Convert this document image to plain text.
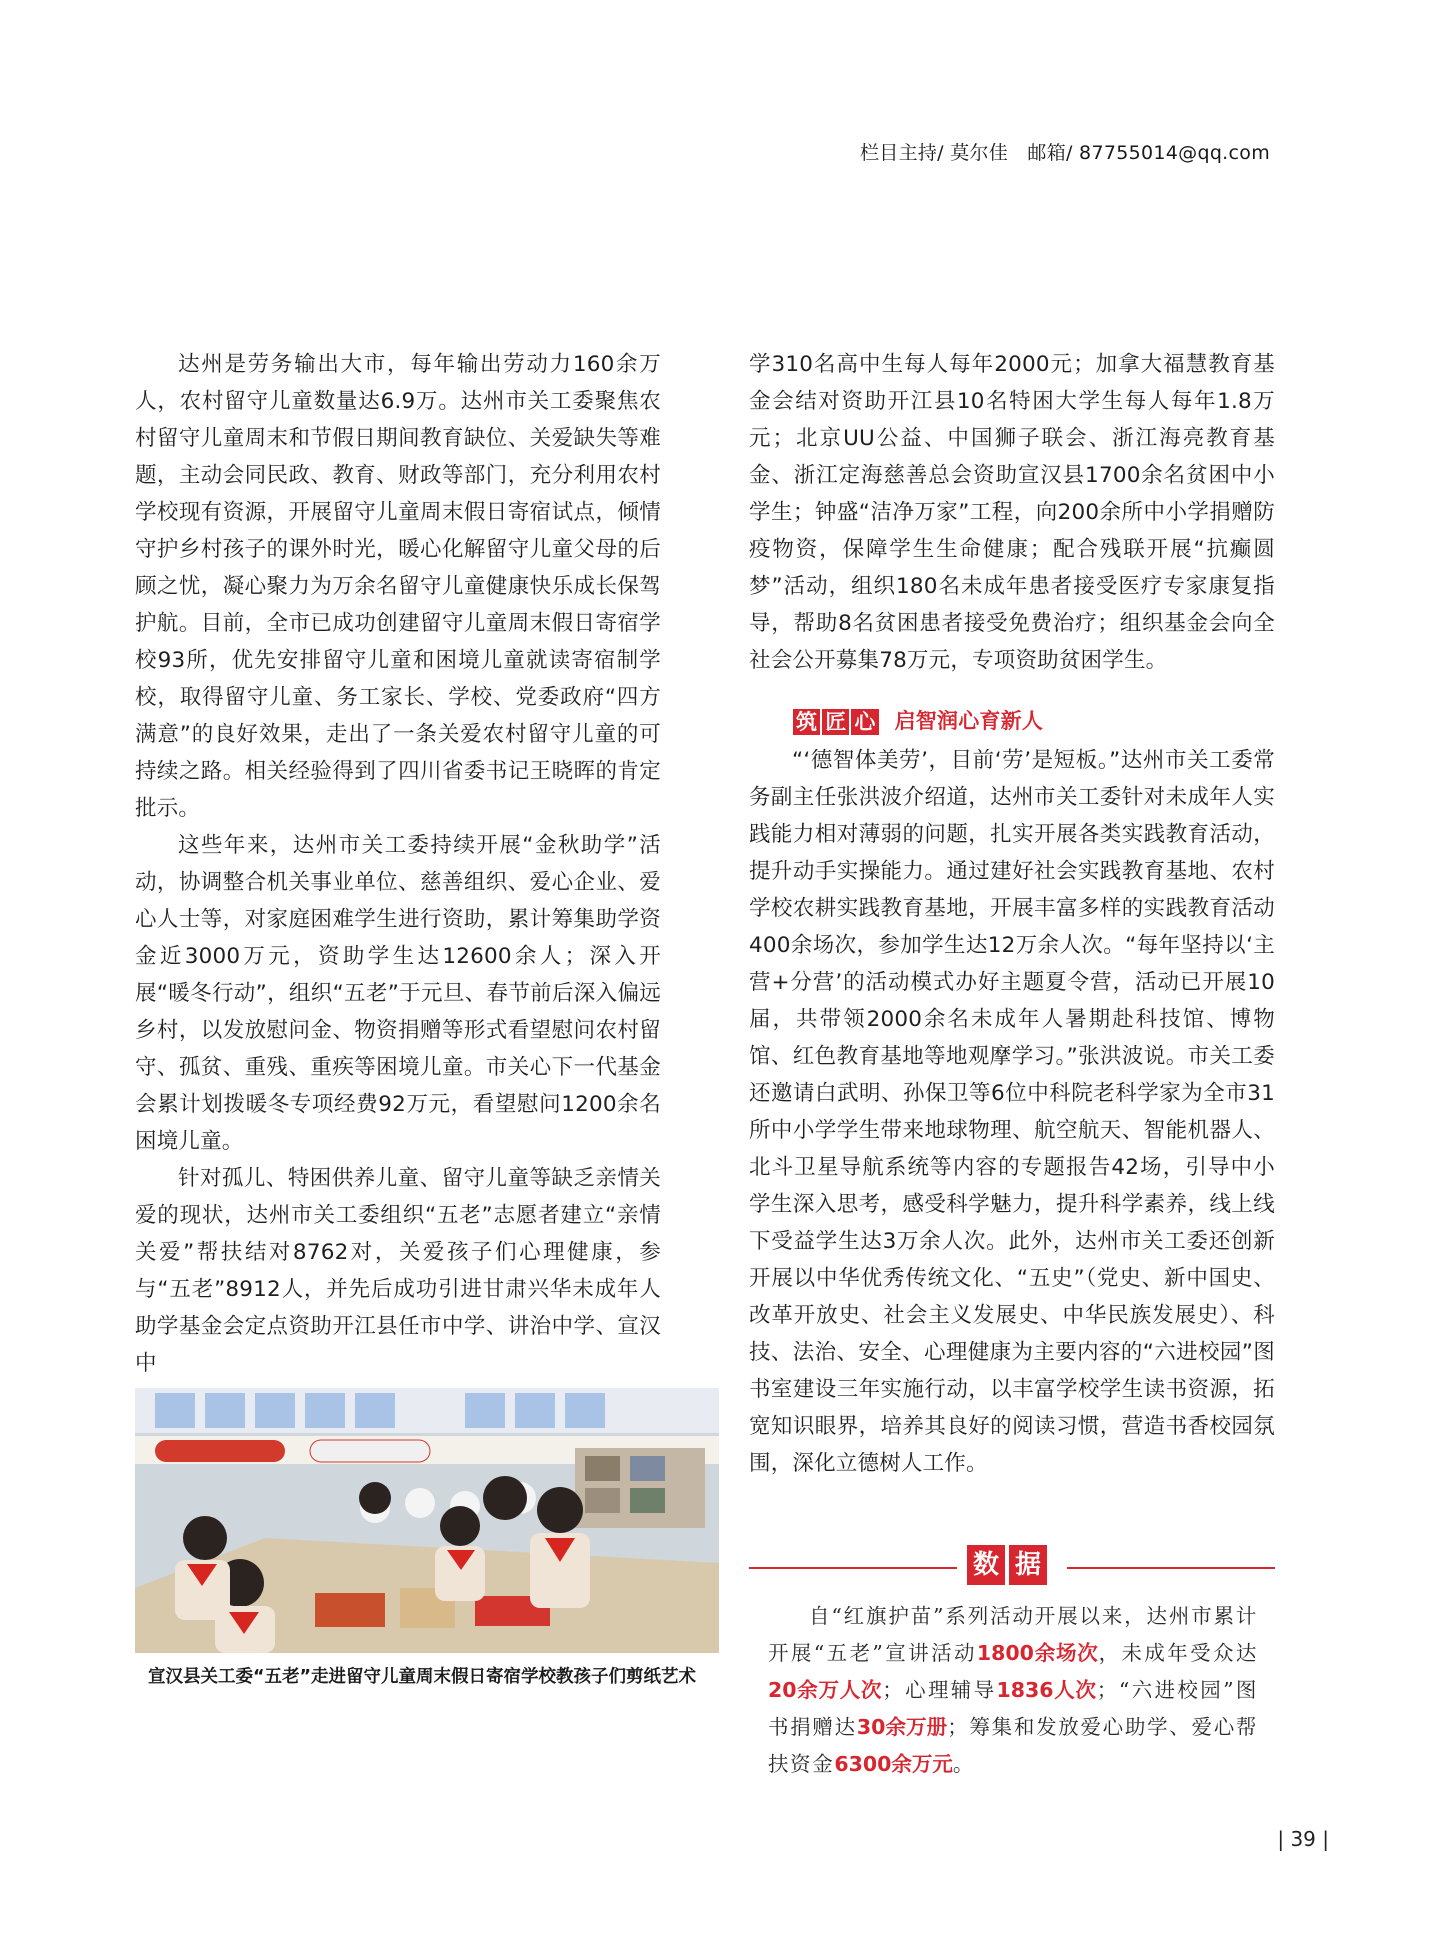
栏目主持/ 莫尔佳　邮箱/ 87755014@qq.com

达州是劳务输出大市，每年输出劳动力160余万人，农村留守儿童数量达6.9万。达州市关工委聚焦农村留守儿童周末和节假日期间教育缺位、关爱缺失等难题，主动会同民政、教育、财政等部门，充分利用农村学校现有资源，开展留守儿童周末假日寄宿试点，倾情守护乡村孩子的课外时光，暖心化解留守儿童父母的后顾之忧，凝心聚力为万余名留守儿童健康快乐成长保驾护航。目前，全市已成功创建留守儿童周末假日寄宿学校93所，优先安排留守儿童和困境儿童就读寄宿制学校，取得留守儿童、务工家长、学校、党委政府“四方满意”的良好效果，走出了一条关爱农村留守儿童的可持续之路。相关经验得到了四川省委书记王晓晖的肯定批示。

这些年来，达州市关工委持续开展“金秋助学”活动，协调整合机关事业单位、慈善组织、爱心企业、爱心人士等，对家庭困难学生进行资助，累计筹集助学资金近3000万元，资助学生达12600余人；深入开展“暖冬行动”，组织“五老”于元旦、春节前后深入偏远乡村，以发放慰问金、物资捐赠等形式看望慰问农村留守、孤贫、重残、重疾等困境儿童。市关心下一代基金会累计划拨暖冬专项经费92万元，看望慰问1200余名困境儿童。

针对孤儿、特困供养儿童、留守儿童等缺乏亲情关爱的现状，达州市关工委组织“五老”志愿者建立“亲情关爱”帮扶结对8762对，关爱孩子们心理健康，参与“五老”8912人，并先后成功引进甘肃兴华未成年人助学基金会定点资助开江县任市中学、讲治中学、宣汉中

宣汉县关工委“五老”走进留守儿童周末假日寄宿学校教孩子们剪纸艺术

学310名高中生每人每年2000元；加拿大福慧教育基金会结对资助开江县10名特困大学生每人每年1.8万元；北京UU公益、中国狮子联会、浙江海亮教育基金、浙江定海慈善总会资助宣汉县1700余名贫困中小学生；钟盛“洁净万家”工程，向200余所中小学捐赠防疫物资，保障学生生命健康；配合残联开展“抗癫圆梦”活动，组织180名未成年患者接受医疗专家康复指导，帮助8名贫困患者接受免费治疗；组织基金会向全社会公开募集78万元，专项资助贫困学生。

筑 匠 心 启智润心育新人

“‘德智体美劳’，目前‘劳’是短板。”达州市关工委常务副主任张洪波介绍道，达州市关工委针对未成年人实践能力相对薄弱的问题，扎实开展各类实践教育活动，提升动手实操能力。通过建好社会实践教育基地、农村学校农耕实践教育基地，开展丰富多样的实践教育活动400余场次，参加学生达12万余人次。“每年坚持以‘主营+分营’的活动模式办好主题夏令营，活动已开展10届，共带领2000余名未成年人暑期赴科技馆、博物馆、红色教育基地等地观摩学习。”张洪波说。市关工委还邀请白武明、孙保卫等6位中科院老科学家为全市31所中小学学生带来地球物理、航空航天、智能机器人、北斗卫星导航系统等内容的专题报告42场，引导中小学生深入思考，感受科学魅力，提升科学素养，线上线下受益学生达3万余人次。此外，达州市关工委还创新开展以中华优秀传统文化、“五史”（党史、新中国史、改革开放史、社会主义发展史、中华民族发展史）、科技、法治、安全、心理健康为主要内容的“六进校园”图书室建设三年实施行动，以丰富学校学生读书资源，拓宽知识眼界，培养其良好的阅读习惯，营造书香校园氛围，深化立德树人工作。

数 据

自“红旗护苗”系列活动开展以来，达州市累计开展“五老”宣讲活动1800余场次，未成年受众达20余万人次；心理辅导1836人次；“六进校园”图书捐赠达30余万册；筹集和发放爱心助学、爱心帮扶资金6300余万元。

| 39 |
